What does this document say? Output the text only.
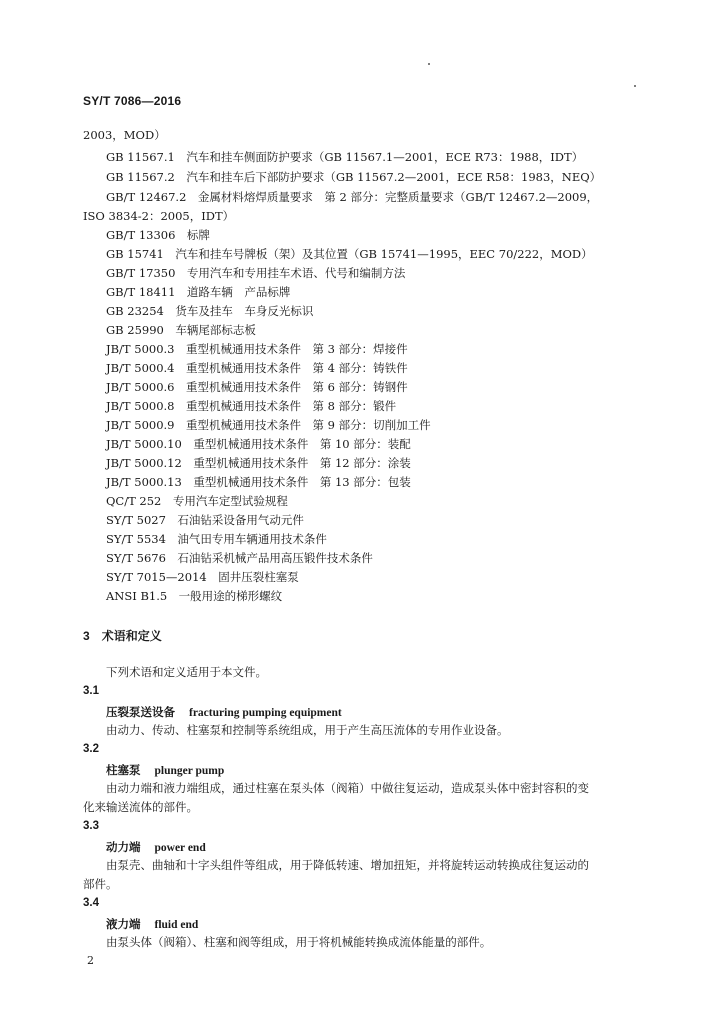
SY/T 7086—2016
2003，MOD）
GB 11567.1　汽车和挂车侧面防护要求（GB 11567.1—2001，ECE R73：1988，IDT）
GB 11567.2　汽车和挂车后下部防护要求（GB 11567.2—2001，ECE R58：1983，NEQ）
GB/T 12467.2　金属材料熔焊质量要求　第 2 部分：完整质量要求（GB/T 12467.2—2009，
ISO 3834-2：2005，IDT）
GB/T 13306　标牌
GB 15741　汽车和挂车号牌板（架）及其位置（GB 15741—1995，EEC 70/222，MOD）
GB/T 17350　专用汽车和专用挂车术语、代号和编制方法
GB/T 18411　道路车辆　产品标牌
GB 23254　货车及挂车　车身反光标识
GB 25990　车辆尾部标志板
JB/T 5000.3　重型机械通用技术条件　第 3 部分：焊接件
JB/T 5000.4　重型机械通用技术条件　第 4 部分：铸铁件
JB/T 5000.6　重型机械通用技术条件　第 6 部分：铸钢件
JB/T 5000.8　重型机械通用技术条件　第 8 部分：锻件
JB/T 5000.9　重型机械通用技术条件　第 9 部分：切削加工件
JB/T 5000.10　重型机械通用技术条件　第 10 部分：装配
JB/T 5000.12　重型机械通用技术条件　第 12 部分：涂装
JB/T 5000.13　重型机械通用技术条件　第 13 部分：包装
QC/T 252　专用汽车定型试验规程
SY/T 5027　石油钻采设备用气动元件
SY/T 5534　油气田专用车辆通用技术条件
SY/T 5676　石油钻采机械产品用高压锻件技术条件
SY/T 7015—2014　固井压裂柱塞泵
ANSI B1.5　一般用途的梯形螺纹
3 术语和定义
下列术语和定义适用于本文件。
3.1
压裂泵送设备 fracturing pumping equipment
由动力、传动、柱塞泵和控制等系统组成，用于产生高压流体的专用作业设备。
3.2
柱塞泵 plunger pump
由动力端和液力端组成，通过柱塞在泵头体（阀箱）中做往复运动，造成泵头体中密封容积的变
化来输送流体的部件。
3.3
动力端 power end
由泵壳、曲轴和十字头组件等组成，用于降低转速、增加扭矩，并将旋转运动转换成往复运动的
部件。
3.4
液力端 fluid end
由泵头体（阀箱）、柱塞和阀等组成，用于将机械能转换成流体能量的部件。
2
